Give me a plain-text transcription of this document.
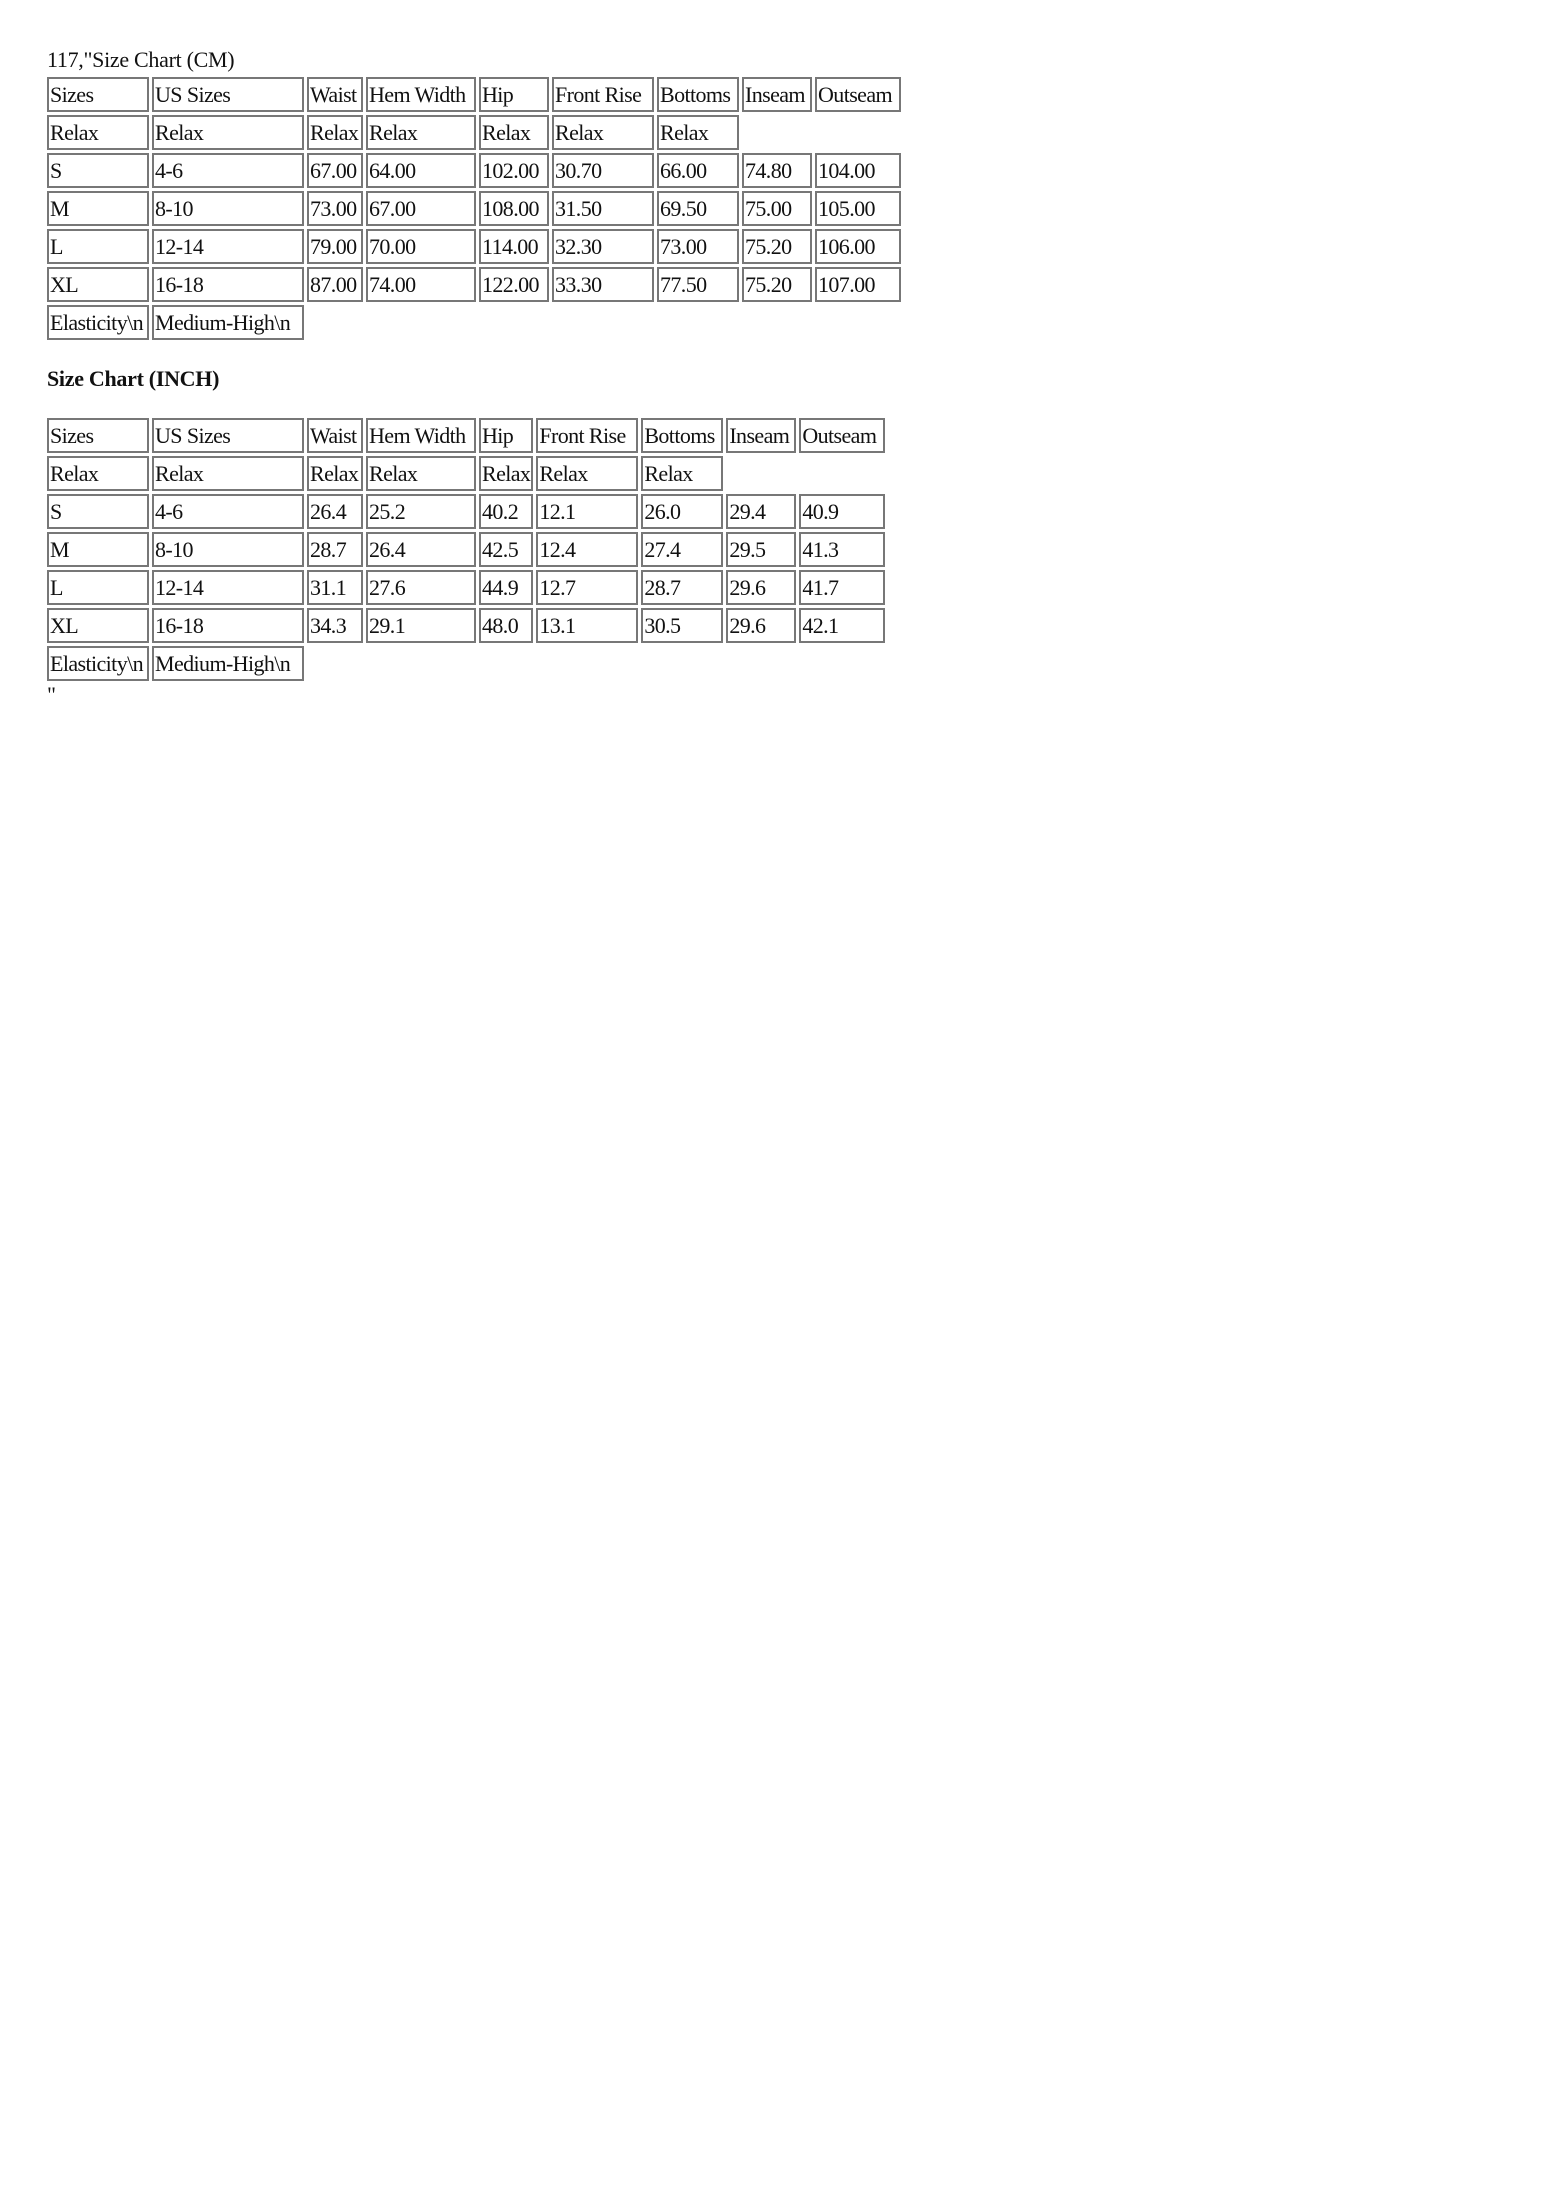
117,"Size Chart (CM)
Sizes	US Sizes	Waist	Hem Width	Hip	Front Rise	Bottoms	Inseam	Outseam
Relax	Relax	Relax	Relax	Relax	Relax	Relax		
S	4-6	67.00	64.00	102.00	30.70	66.00	74.80	104.00
M	8-10	73.00	67.00	108.00	31.50	69.50	75.00	105.00
L	12-14	79.00	70.00	114.00	32.30	73.00	75.20	106.00
XL	16-18	87.00	74.00	122.00	33.30	77.50	75.20	107.00
Elasticity\n	Medium-High\n							
Size Chart (INCH)
Sizes	US Sizes	Waist	Hem Width	Hip	Front Rise	Bottoms	Inseam	Outseam
Relax	Relax	Relax	Relax	Relax	Relax	Relax		
S	4-6	26.4	25.2	40.2	12.1	26.0	29.4	40.9
M	8-10	28.7	26.4	42.5	12.4	27.4	29.5	41.3
L	12-14	31.1	27.6	44.9	12.7	28.7	29.6	41.7
XL	16-18	34.3	29.1	48.0	13.1	30.5	29.6	42.1
Elasticity\n	Medium-High\n							
"
